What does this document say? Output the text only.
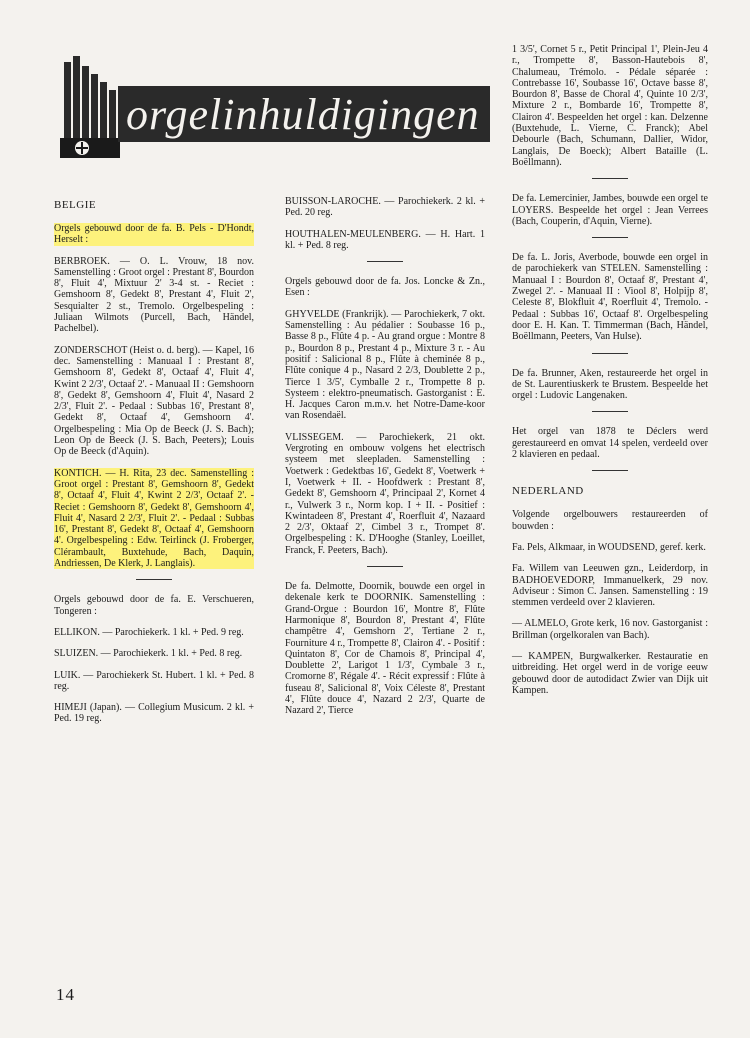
orgelinhuldigingen
BELGIE

Orgels gebouwd door de fa. B. Pels - D'Hondt, Herselt :

BERBROEK. — O. L. Vrouw, 18 nov. Samenstelling : Groot orgel : Prestant 8', Bourdon 8', Fluit 4', Mixtuur 2' 3-4 st. - Reciet : Gemshoorn 8', Gedekt 8', Prestant 4', Fluit 2', Sesquialter 2 st., Tremolo. Orgelbespeling : Juliaan Wilmots (Purcell, Bach, Händel, Pachelbel).

ZONDERSCHOT (Heist o. d. berg). — Kapel, 16 dec. Samenstelling : Manuaal I : Prestant 8', Gemshoorn 8', Gedekt 8', Octaaf 4', Fluit 4', Kwint 2 2/3', Octaaf 2'. - Manuaal II : Gemshoorn 8', Gedekt 8', Gemshoorn 4', Fluit 4', Nasard 2 2/3', Fluit 2'. - Pedaal : Subbas 16', Prestant 8', Gedekt 8', Octaaf 4', Gemshoorn 4'. Orgelbespeling : Mia Op de Beeck (J. S. Bach); Leon Op de Beeck (J. S. Bach, Peeters); Louis Op de Beeck (d'Aquin).

KONTICH. — H. Rita, 23 dec. Samenstelling : Groot orgel : Prestant 8', Gemshoorn 8', Gedekt 8', Octaaf 4', Fluit 4', Kwint 2 2/3', Octaaf 2'. - Reciet : Gemshoorn 8', Gedekt 8', Gemshoorn 4', Fluit 4', Nasard 2 2/3', Fluit 2'. - Pedaal : Subbas 16', Prestant 8', Gedekt 8', Octaaf 4', Gemshoorn 4'. Orgelbespeling : Edw. Teirlinck (J. Froberger, Clérambault, Buxtehude, Bach, Daquin, Andriessen, De Klerk, J. Langlais).

Orgels gebouwd door de fa. E. Verschueren, Tongeren :

ELLIKON. — Parochiekerk. 1 kl. + Ped. 9 reg.

SLUIZEN. — Parochiekerk. 1 kl. + Ped. 8 reg.

LUIK. — Parochiekerk St. Hubert. 1 kl. + Ped. 8 reg.

HIMEJI (Japan). — Collegium Musicum. 2 kl. + Ped. 19 reg.

BUISSON-LAROCHE. — Parochiekerk. 2 kl. + Ped. 20 reg.

HOUTHALEN-MEULENBERG. — H. Hart. 1 kl. + Ped. 8 reg.

Orgels gebouwd door de fa. Jos. Loncke & Zn., Esen :

GHYVELDE (Frankrijk). — Parochiekerk, 7 okt. Samenstelling : Au pédalier : Soubasse 16 p., Basse 8 p., Flûte 4 p. - Au grand orgue : Montre 8 p., Bourdon 8 p., Prestant 4 p., Mixture 3 r. - Au positif : Salicional 8 p., Flûte à cheminée 8 p., Flûte conique 4 p., Nasard 2 2/3, Doublette 2 p., Tierce 1 3/5', Cymballe 2 r., Trompette 8 p. Systeem : elektro-pneumatisch. Gastorganist : E. H. Jacques Caron m.m.v. het Notre-Dame-koor van Rosendaël.

VLISSEGEM. — Parochiekerk, 21 okt. Vergroting en ombouw volgens het electrisch systeem met sleepladen. Samenstelling : Voetwerk : Gedektbas 16', Gedekt 8', Voetwerk + I, Voetwerk + II. - Hoofdwerk : Prestant 8', Gedekt 8', Gemshoorn 4', Principaal 2', Kornet 4 r., Vulwerk 3 r., Norm kop. I + II. - Positief : Kwintadeen 8', Prestant 4', Roerfluit 4', Nazaard 2 2/3', Oktaaf 2', Cimbel 3 r., Trompet 8'. Orgelbespeling : K. D'Hooghe (Stanley, Loeillet, Franck, F. Peeters, Bach).

De fa. Delmotte, Doornik, bouwde een orgel in dekenale kerk te DOORNIK. Samenstelling : Grand-Orgue : Bourdon 16', Montre 8', Flûte Harmonique 8', Bourdon 8', Prestant 4', Flûte champêtre 4', Gemshorn 2', Tertiane 2 r., Fourniture 4 r., Trompette 8', Clairon 4'. - Positif : Quintaton 8', Cor de Chamois 8', Principal 4', Doublette 2', Larigot 1 1/3', Cymbale 3 r., Cromorne 8', Régale 4'. - Récit expressif : Flûte à fuseau 8', Salicional 8', Voix Céleste 8', Prestant 4', Flûte douce 4', Nazard 2 2/3', Quarte de Nazard 2', Tierce

1 3/5', Cornet 5 r., Petit Principal 1', Plein-Jeu 4 r., Trompette 8', Basson-Hautebois 8', Chalumeau, Trémolo. - Pédale séparée : Contrebasse 16', Soubasse 16', Octave basse 8', Bourdon 8', Basse de Choral 4', Quinte 10 2/3', Mixture 2 r., Bombarde 16', Trompette 8', Clairon 4'. Bespeelden het orgel : kan. Delzenne (Buxtehude, L. Vierne, C. Franck); Abel Debourle (Bach, Schumann, Dallier, Widor, Langlais, De Boeck); Albert Bataille (L. Boëllmann).

De fa. Lemercinier, Jambes, bouwde een orgel te LOYERS. Bespeelde het orgel : Jean Verrees (Bach, Couperin, d'Aquin, Vierne).

De fa. L. Joris, Averbode, bouwde een orgel in de parochiekerk van STELEN. Samenstelling : Manuaal I : Bourdon 8', Octaaf 8', Prestant 4', Zwegel 2'. - Manuaal II : Viool 8', Holpijp 8', Celeste 8', Blokfluit 4', Roerfluit 4', Tremolo. - Pedaal : Subbas 16', Octaaf 8'. Orgelbespeling door E. H. Kan. T. Timmerman (Bach, Händel, Boëllmann, Peeters, Van Hulse).

De fa. Brunner, Aken, restaureerde het orgel in de St. Laurentiuskerk te Brustem. Bespeelde het orgel : Ludovic Langenaken.

Het orgel van 1878 te Déclers werd gerestaureerd en omvat 14 spelen, verdeeld over 2 klavieren en pedaal.

NEDERLAND

Volgende orgelbouwers restaureerden of bouwden :

Fa. Pels, Alkmaar, in WOUDSEND, geref. kerk.

Fa. Willem van Leeuwen gzn., Leiderdorp, in BADHOEVEDORP, Immanuelkerk, 29 nov. Adviseur : Simon C. Jansen. Samenstelling : 19 stemmen verdeeld over 2 klavieren.

— ALMELO, Grote kerk, 16 nov. Gastorganist : Brillman (orgelkoralen van Bach).

— KAMPEN, Burgwalkerker. Restauratie en uitbreiding. Het orgel werd in de vorige eeuw gebouwd door de autodidact Zwier van Dijk uit Kampen.

14
